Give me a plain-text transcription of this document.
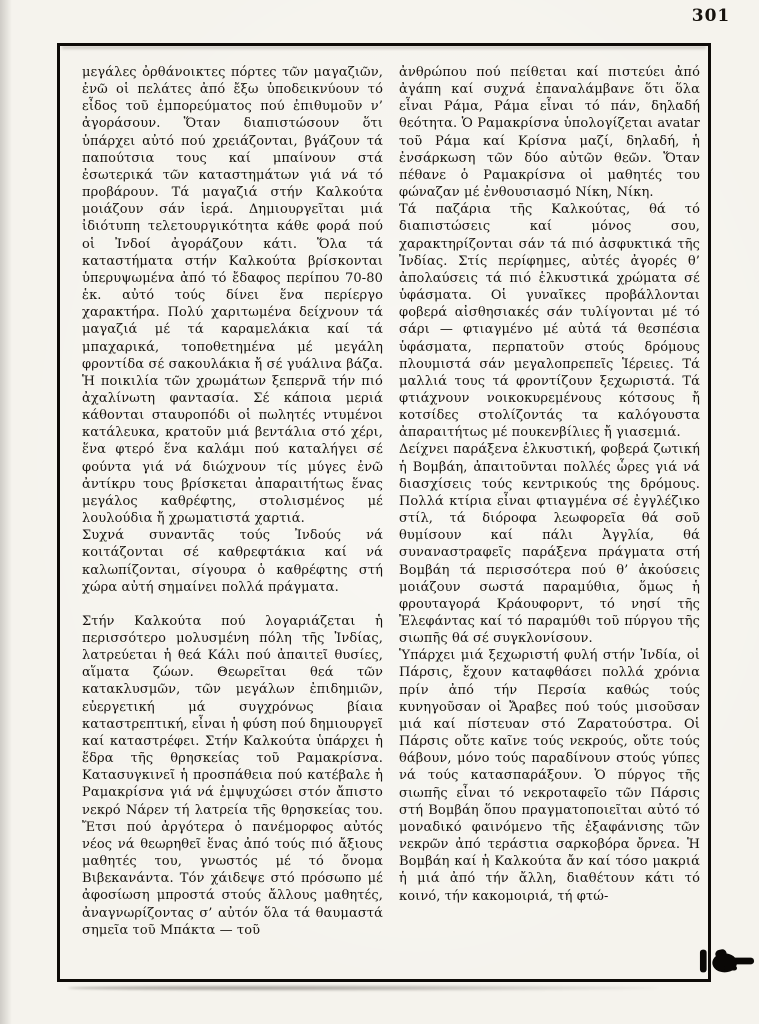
301

μεγάλες ὀρθάνοικτες πόρτες τῶν μαγαζιῶν, ἐνῶ οἱ πελάτες ἀπό ἔξω ὑποδεικνύουν τό εἶδος τοῦ ἐμπορεύματος πού ἐπιθυμοῦν ν’ ἀγοράσουν. Ὅταν διαπιστώσουν ὅτι ὑπάρχει αὐτό πού χρειάζονται, βγάζουν τά παπούτσια τους καί μπαίνουν στά ἐσωτερικά τῶν καταστημάτων γιά νά τό προβάρουν. Τά μαγαζιά στήν Καλκούτα μοιάζουν σάν ἱερά. Δημιουργεῖται μιά ἰδιότυπη τελετουργικότητα κάθε φορά πού οἱ Ἰνδοί ἀγοράζουν κάτι. Ὅλα τά καταστήματα στήν Καλκούτα βρίσκονται ὑπερυψωμένα ἀπό τό ἔδαφος περίπου 70-80 ἑκ. αὐτό τούς δίνει ἕνα περίεργο χαρακτήρα. Πολύ χαριτωμένα δείχνουν τά μαγαζιά μέ τά καραμελάκια καί τά μπαχαρικά, τοποθετημένα μέ μεγάλη φροντίδα σέ σακουλάκια ἤ σέ γυάλινα βάζα. Ἡ ποικιλία τῶν χρωμάτων ξεπερνᾶ τήν πιό ἀχαλίνωτη φαντασία. Σέ κάποια μεριά κάθονται σταυροπόδι οἱ πωλητές ντυμένοι κατάλευκα, κρατοῦν μιά βεντάλια στό χέρι, ἕνα φτερό ἕνα καλάμι πού καταλήγει σέ φούντα γιά νά διώχνουν τίς μύγες ἐνῶ ἀντίκρυ τους βρίσκεται ἀπαραιτήτως ἕνας μεγάλος καθρέφτης, στολισμένος μέ λουλούδια ἤ χρωματιστά χαρτιά.

Συχνά συναντᾶς τούς Ἰνδούς νά κοιτάζονται σέ καθρεφτάκια καί νά καλωπίζονται, σίγουρα ὁ καθρέφτης στή χώρα αὐτή σημαίνει πολλά πράγματα.

Στήν Καλκούτα πού λογαριάζεται ἡ περισσότερο μολυσμένη πόλη τῆς Ἰνδίας, λατρεύεται ἡ θεά Κάλι πού ἀπαιτεῖ θυσίες, αἵματα ζώων. Θεωρεῖται θεά τῶν κατακλυσμῶν, τῶν μεγάλων ἐπιδημιῶν, εὐεργετική μά συγχρόνως βίαια καταστρεπτική, εἶναι ἡ φύση πού δημιουργεῖ καί καταστρέφει. Στήν Καλκούτα ὑπάρχει ἡ ἕδρα τῆς θρησκείας τοῦ Ραμακρίσνα. Κατασυγκινεῖ ἡ προσπάθεια πού κατέβαλε ἡ Ραμακρίσνα γιά νά ἐμψυχώσει στόν ἄπιστο νεκρό Νάρεν τή λατρεία τῆς θρησκείας του. Ἔτσι πού ἀργότερα ὁ πανέμορφος αὐτός νέος νά θεωρηθεῖ ἕνας ἀπό τούς πιό ἄξιους μαθητές του, γνωστός μέ τό ὄνομα Βιβεκανάντα. Τόν χάιδεψε στό πρόσωπο μέ ἀφοσίωση μπροστά στούς ἄλλους μαθητές, ἀναγνωρίζοντας σ’ αὐτόν ὅλα τά θαυμαστά σημεῖα τοῦ Μπάκτα — τοῦ

ἀνθρώπου πού πείθεται καί πιστεύει ἀπό ἀγάπη καί συχνά ἐπαναλάμβανε ὅτι ὅλα εἶναι Ράμα, Ράμα εἶναι τό πάν, δηλαδή θεότητα. Ὁ Ραμακρίσνα ὑπολογίζεται avatar τοῦ Ράμα καί Κρίσνα μαζί, δηλαδή, ἡ ἐνσάρκωση τῶν δύο αὐτῶν θεῶν. Ὅταν πέθανε ὁ Ραμακρίσνα οἱ μαθητές του φώναζαν μέ ἐνθουσιασμό Νίκη, Νίκη.

Τά παζάρια τῆς Καλκούτας, θά τό διαπιστώσεις καί μόνος σου, χαρακτηρίζονται σάν τά πιό ἀσφυκτικά τῆς Ἰνδίας. Στίς περίφημες, αὐτές ἀγορές θ’ ἀπολαύσεις τά πιό ἑλκυστικά χρώματα σέ ὑφάσματα. Οἱ γυναῖκες προβάλλονται φοβερά αἰσθησιακές σάν τυλίγονται μέ τό σάρι — φτιαγμένο μέ αὐτά τά θεσπέσια ὑφάσματα, περπατοῦν στούς δρόμους πλουμιστά σάν μεγαλοπρεπεῖς Ἱέρειες. Τά μαλλιά τους τά φροντίζουν ξεχωριστά. Τά φτιάχνουν νοικοκυρεμένους κότσους ἤ κοτσίδες στολίζοντάς τα καλόγουστα ἀπαραιτήτως μέ πουκενβίλιες ἤ γιασεμιά.

Δείχνει παράξενα ἑλκυστική, φοβερά ζωτική ἡ Βομβάη, ἀπαιτοῦνται πολλές ὧρες γιά νά διασχίσεις τούς κεντρικούς της δρόμους. Πολλά κτίρια εἶναι φτιαγμένα σέ ἐγγλέζικο στίλ, τά διόροφα λεωφορεῖα θά σοῦ θυμίσουν καί πάλι Ἀγγλία, θά συναναστραφεῖς παράξενα πράγματα στή Βομβάη τά περισσότερα πού θ’ ἀκούσεις μοιάζουν σωστά παραμύθια, ὅμως ἡ φρουταγορά Κράουφορντ, τό νησί τῆς Ἐλεφάντας καί τό παραμύθι τοῦ πύργου τῆς σιωπῆς θά σέ συγκλονίσουν.

Ὑπάρχει μιά ξεχωριστή φυλή στήν Ἰνδία, οἱ Πάρσις, ἔχουν καταφθάσει πολλά χρόνια πρίν ἀπό τήν Περσία καθώς τούς κυνηγοῦσαν οἱ Ἄραβες πού τούς μισοῦσαν μιά καί πίστευαν στό Ζαρατούστρα. Οἱ Πάρσις οὔτε καῖνε τούς νεκρούς, οὔτε τούς θάβουν, μόνο τούς παραδίνουν στούς γύπες νά τούς κατασπαράξουν. Ὁ πύργος τῆς σιωπῆς εἶναι τό νεκροταφεῖο τῶν Πάρσις στή Βομβάη ὅπου πραγματοποιεῖται αὐτό τό μοναδικό φαινόμενο τῆς ἐξαφάνισης τῶν νεκρῶν ἀπό τεράστια σαρκοβόρα ὄρνεα. Ἡ Βομβάη καί ἡ Καλκούτα ἄν καί τόσο μακριά ἡ μιά ἀπό τήν ἄλλη, διαθέτουν κάτι τό κοινό, τήν κακομοιριά, τή φτώ-
